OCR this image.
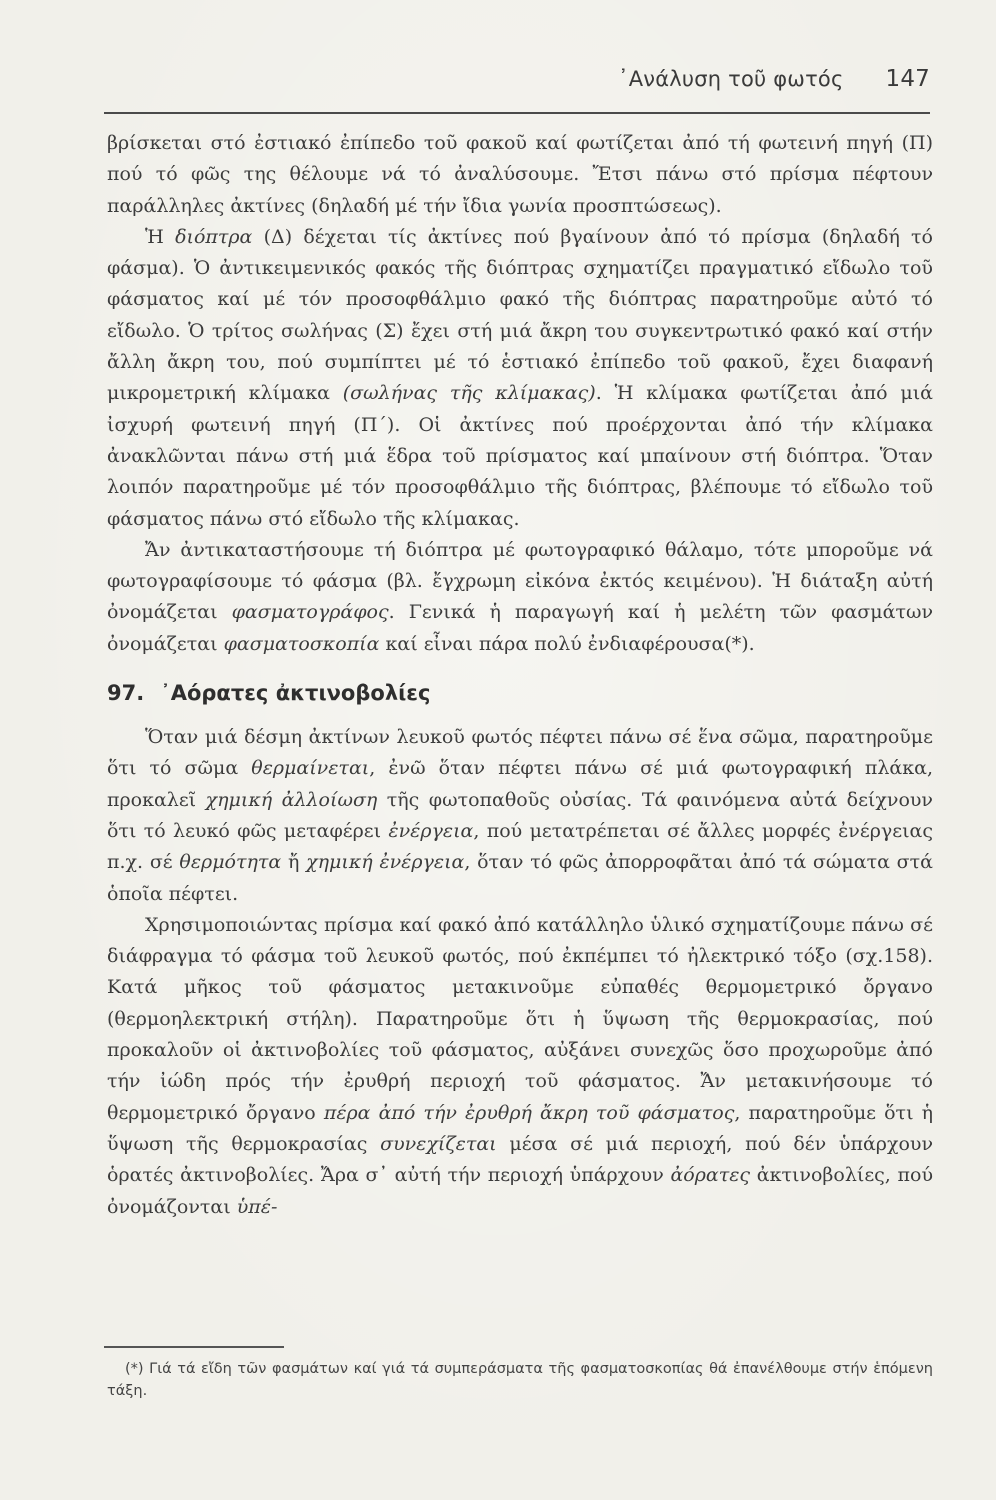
᾿Ανάλυση τοῦ φωτός 147

βρίσκεται στό ἐστιακό ἐπίπεδο τοῦ φακοῦ καί φωτίζεται ἀπό τή φωτεινή πηγή (Π) πού τό φῶς της θέλουμε νά τό ἀναλύσουμε. Ἔτσι πάνω στό πρίσμα πέφτουν παράλληλες ἀκτίνες (δηλαδή μέ τήν ἴδια γωνία προσπτώσεως).

Ἡ διόπτρα (Δ) δέχεται τίς ἀκτίνες πού βγαίνουν ἀπό τό πρίσμα (δηλαδή τό φάσμα). Ὁ ἀντικειμενικός φακός τῆς διόπτρας σχηματίζει πραγματικό εἴδωλο τοῦ φάσματος καί μέ τόν προσοφθάλμιο φακό τῆς διόπτρας παρατηροῦμε αὐτό τό εἴδωλο. Ὁ τρίτος σωλήνας (Σ) ἔχει στή μιά ἄκρη του συγκεντρωτικό φακό καί στήν ἄλλη ἄκρη του, πού συμπίπτει μέ τό ἑστιακό ἐπίπεδο τοῦ φακοῦ, ἔχει διαφανή μικρομετρική κλίμακα (σωλήνας τῆς κλίμακας). Ἡ κλίμακα φωτίζεται ἀπό μιά ἰσχυρή φωτεινή πηγή (Π΄). Οἱ ἀκτίνες πού προέρχονται ἀπό τήν κλίμακα ἀνακλῶνται πάνω στή μιά ἕδρα τοῦ πρίσματος καί μπαίνουν στή διόπτρα. Ὅταν λοιπόν παρατηροῦμε μέ τόν προσοφθάλμιο τῆς διόπτρας, βλέπουμε τό εἴδωλο τοῦ φάσματος πάνω στό εἴδωλο τῆς κλίμακας.

Ἄν ἀντικαταστήσουμε τή διόπτρα μέ φωτογραφικό θάλαμο, τότε μποροῦμε νά φωτογραφίσουμε τό φάσμα (βλ. ἔγχρωμη εἰκόνα ἐκτός κειμένου). Ἡ διάταξη αὐτή ὀνομάζεται φασματογράφος. Γενικά ἡ παραγωγή καί ἡ μελέτη τῶν φασμάτων ὀνομάζεται φασματοσκοπία καί εἶναι πάρα πολύ ἐνδιαφέρουσα(*).

97. ᾿Αόρατες ἀκτινοβολίες

Ὅταν μιά δέσμη ἀκτίνων λευκοῦ φωτός πέφτει πάνω σέ ἕνα σῶμα, παρατηροῦμε ὅτι τό σῶμα θερμαίνεται, ἐνῶ ὅταν πέφτει πάνω σέ μιά φωτογραφική πλάκα, προκαλεῖ χημική ἀλλοίωση τῆς φωτοπαθοῦς οὐσίας. Τά φαινόμενα αὐτά δείχνουν ὅτι τό λευκό φῶς μεταφέρει ἐνέργεια, πού μετατρέπεται σέ ἄλλες μορφές ἐνέργειας π.χ. σέ θερμότητα ἤ χημική ἐνέργεια, ὅταν τό φῶς ἀπορροφᾶται ἀπό τά σώματα στά ὁποῖα πέφτει.

Χρησιμοποιώντας πρίσμα καί φακό ἀπό κατάλληλο ὑλικό σχηματίζουμε πάνω σέ διάφραγμα τό φάσμα τοῦ λευκοῦ φωτός, πού ἐκπέμπει τό ἠλεκτρικό τόξο (σχ.158). Κατά μῆκος τοῦ φάσματος μετακινοῦμε εὐπαθές θερμομετρικό ὄργανο (θερμοηλεκτρική στήλη). Παρατηροῦμε ὅτι ἡ ὕψωση τῆς θερμοκρασίας, πού προκαλοῦν οἱ ἀκτινοβολίες τοῦ φάσματος, αὐξάνει συνεχῶς ὅσο προχωροῦμε ἀπό τήν ἰώδη πρός τήν ἐρυθρή περιοχή τοῦ φάσματος. Ἄν μετακινήσουμε τό θερμομετρικό ὄργανο πέρα ἀπό τήν ἐρυθρή ἄκρη τοῦ φάσματος, παρατηροῦμε ὅτι ἡ ὕψωση τῆς θερμοκρασίας συνεχίζεται μέσα σέ μιά περιοχή, πού δέν ὑπάρχουν ὁρατές ἀκτινοβολίες. Ἄρα σ᾿ αὐτή τήν περιοχή ὑπάρχουν ἀόρατες ἀκτινοβολίες, πού ὀνομάζονται ὑπέ-

(*) Γιά τά εἴδη τῶν φασμάτων καί γιά τά συμπεράσματα τῆς φασματοσκοπίας θά ἐπανέλθουμε στήν ἑπόμενη τάξη.
